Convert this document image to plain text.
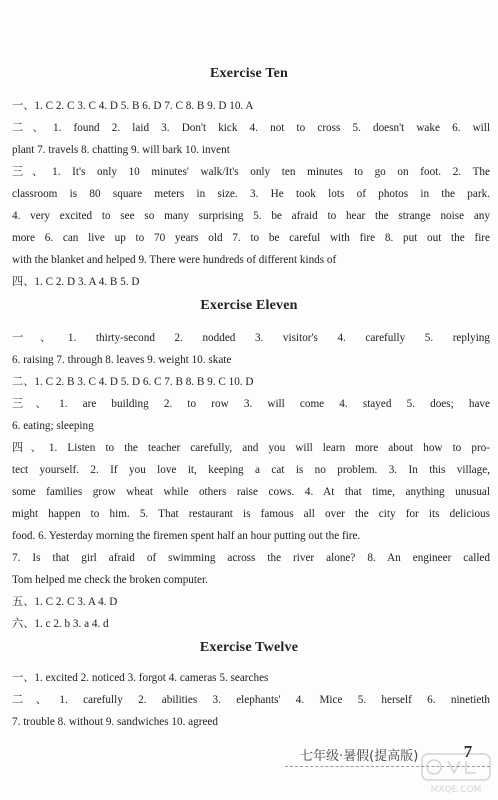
Exercise Ten
一、1. C 2. C 3. C 4. D 5. B 6. D 7. C 8. B 9. D 10. A
二、1. found 2. laid 3. Don't kick 4. not to cross 5. doesn't wake 6. will
plant 7. travels 8. chatting 9. will bark 10. invent
三、1. It's only 10 minutes' walk/It's only ten minutes to go on foot. 2. The
classroom is 80 square meters in size. 3. He took lots of photos in the park.
4. very excited to see so many surprising 5. be afraid to hear the strange noise any
more 6. can live up to 70 years old 7. to be careful with fire 8. put out the fire
with the blanket and helped 9. There were hundreds of different kinds of
四、1. C 2. D 3. A 4. B 5. D
Exercise Eleven
一、1. thirty-second 2. nodded 3. visitor's 4. carefully 5. replying
6. raising 7. through 8. leaves 9. weight 10. skate
二、1. C 2. B 3. C 4. D 5. D 6. C 7. B 8. B 9. C 10. D
三、1. are building 2. to row 3. will come 4. stayed 5. does; have
6. eating; sleeping
四、1. Listen to the teacher carefully, and you will learn more about how to pro-
tect yourself. 2. If you love it, keeping a cat is no problem. 3. In this village,
some families grow wheat while others raise cows. 4. At that time, anything unusual
might happen to him. 5. That restaurant is famous all over the city for its delicious
food. 6. Yesterday morning the firemen spent half an hour putting out the fire.
7. Is that girl afraid of swimming across the river alone? 8. An engineer called
Tom helped me check the broken computer.
五、1. C 2. C 3. A 4. D
六、1. c 2. b 3. a 4. d
Exercise Twelve
一、1. excited 2. noticed 3. forgot 4. cameras 5. searches
二、1. carefully 2. abilities 3. elephants' 4. Mice 5. herself 6. ninetieth
7. trouble 8. without 9. sandwiches 10. agreed
七年级·暑假(提高版)	7
MXQE.COM
